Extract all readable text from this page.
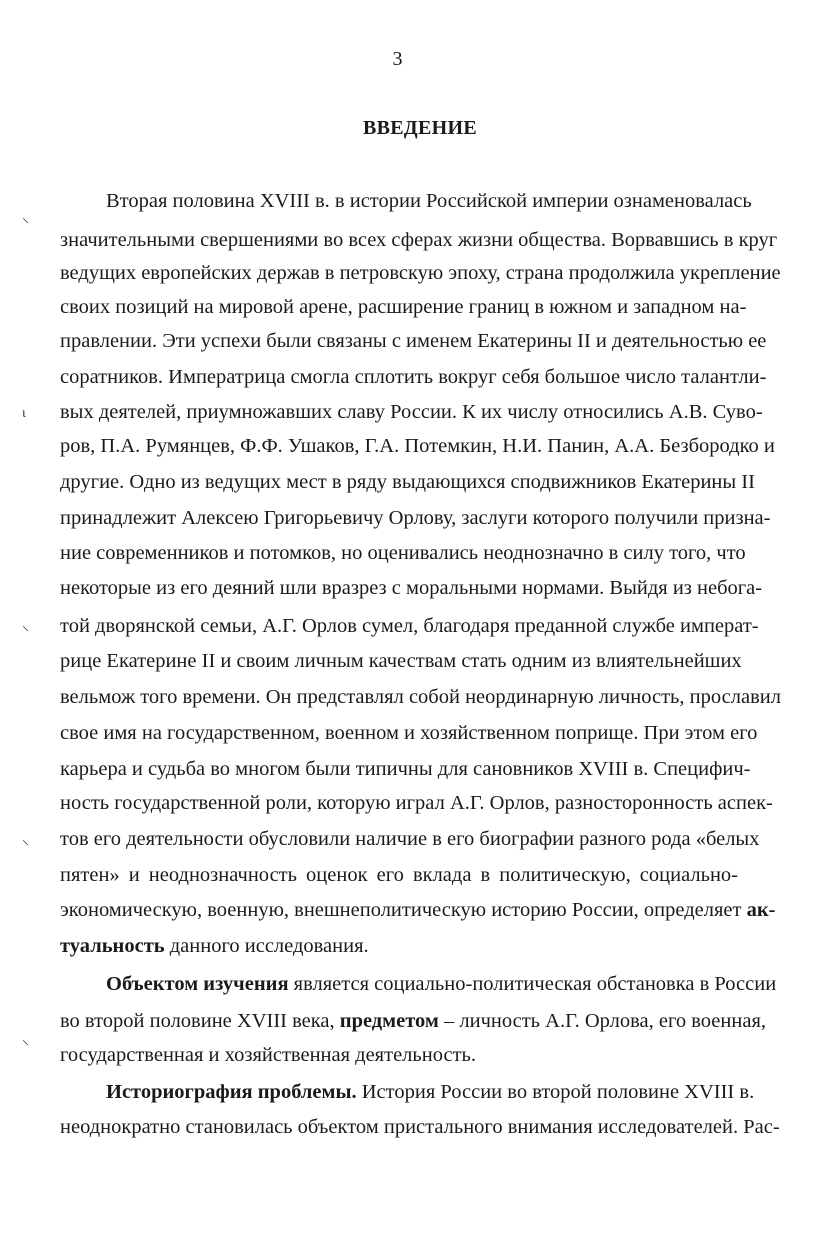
3
ВВЕДЕНИЕ
⸌
ι
⸌
⸌
⸌
Вторая половина XVIII в. в истории Российской империи ознаменовалась
значительными свершениями во всех сферах жизни общества. Ворвавшись в круг
ведущих европейских держав в петровскую эпоху, страна продолжила укрепление
своих позиций на мировой арене, расширение границ в южном и западном на-
правлении. Эти успехи были связаны с именем Екатерины II и деятельностью ее
соратников. Императрица смогла сплотить вокруг себя большое число талантли-
вых деятелей, приумножавших славу России. К их числу относились А.В. Суво-
ров, П.А. Румянцев, Ф.Ф. Ушаков, Г.А. Потемкин, Н.И. Панин, А.А. Безбородко и
другие. Одно из ведущих мест в ряду выдающихся сподвижников Екатерины II
принадлежит Алексею Григорьевичу Орлову, заслуги которого получили призна-
ние современников и потомков, но оценивались неоднозначно в силу того, что
некоторые из его деяний шли вразрез с моральными нормами. Выйдя из небога-
той дворянской семьи, А.Г. Орлов сумел, благодаря преданной службе императ-
рице Екатерине II и своим личным качествам стать одним из влиятельнейших
вельмож того времени. Он представлял собой неординарную личность, прославил
свое имя на государственном, военном и хозяйственном поприще. При этом его
карьера и судьба во многом были типичны для сановников XVIII в. Специфич-
ность государственной роли, которую играл А.Г. Орлов, разносторонность аспек-
тов его деятельности обусловили наличие в его биографии разного рода «белых
пятен» и неоднозначность оценок его вклада в политическую, социально-
экономическую, военную, внешнеполитическую историю России, определяет ак-
туальность данного исследования.
Объектом изучения является социально-политическая обстановка в России
во второй половине XVIII века, предметом – личность А.Г. Орлова, его военная,
государственная и хозяйственная деятельность.
Историография проблемы. История России во второй половине XVIII в.
неоднократно становилась объектом пристального внимания исследователей. Рас-
